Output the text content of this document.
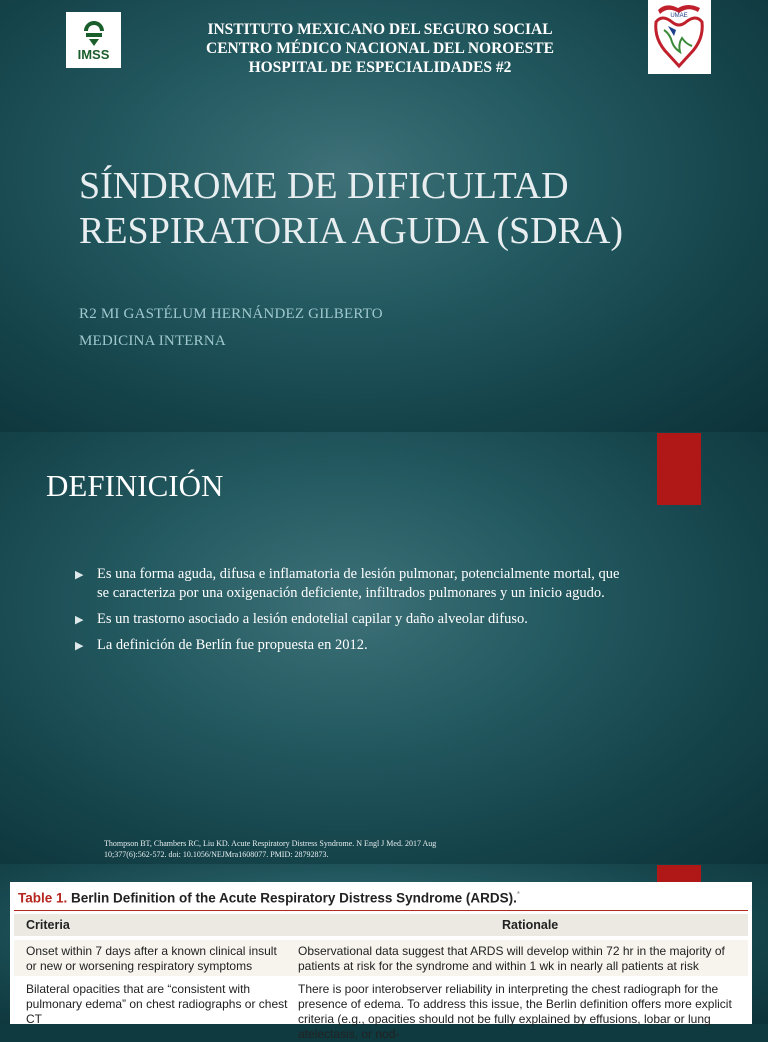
IMSS
INSTITUTO MEXICANO DEL SEGURO SOCIAL
CENTRO MÉDICO NACIONAL DEL NOROESTE
HOSPITAL DE ESPECIALIDADES #2
UMAE
SÍNDROME DE DIFICULTAD RESPIRATORIA AGUDA (SDRA)
R2 MI GASTÉLUM HERNÁNDEZ GILBERTO
MEDICINA INTERNA
DEFINICIÓN
▶ Es una forma aguda, difusa e inflamatoria de lesión pulmonar, potencialmente mortal, que se caracteriza por una oxigenación deficiente, infiltrados pulmonares y un inicio agudo.
▶ Es un trastorno asociado a lesión endotelial capilar y daño alveolar difuso.
▶ La definición de Berlín fue propuesta en 2012.
Thompson BT, Chambers RC, Liu KD. Acute Respiratory Distress Syndrome. N Engl J Med. 2017 Aug 10;377(6):562-572. doi: 10.1056/NEJMra1608077. PMID: 28792873.
Table 1. Berlin Definition of the Acute Respiratory Distress Syndrome (ARDS).*
Criteria	Rationale
Onset within 7 days after a known clinical insult or new or worsening respiratory symptoms
Observational data suggest that ARDS will develop within 72 hr in the majority of patients at risk for the syndrome and within 1 wk in nearly all patients at risk
Bilateral opacities that are “consistent with pulmonary edema” on chest radiographs or chest CT
There is poor interobserver reliability in interpreting the chest radiograph for the presence of edema. To address this issue, the Berlin definition offers more explicit criteria (e.g., opacities should not be fully explained by effusions, lobar or lung atelectasis, or nod-
